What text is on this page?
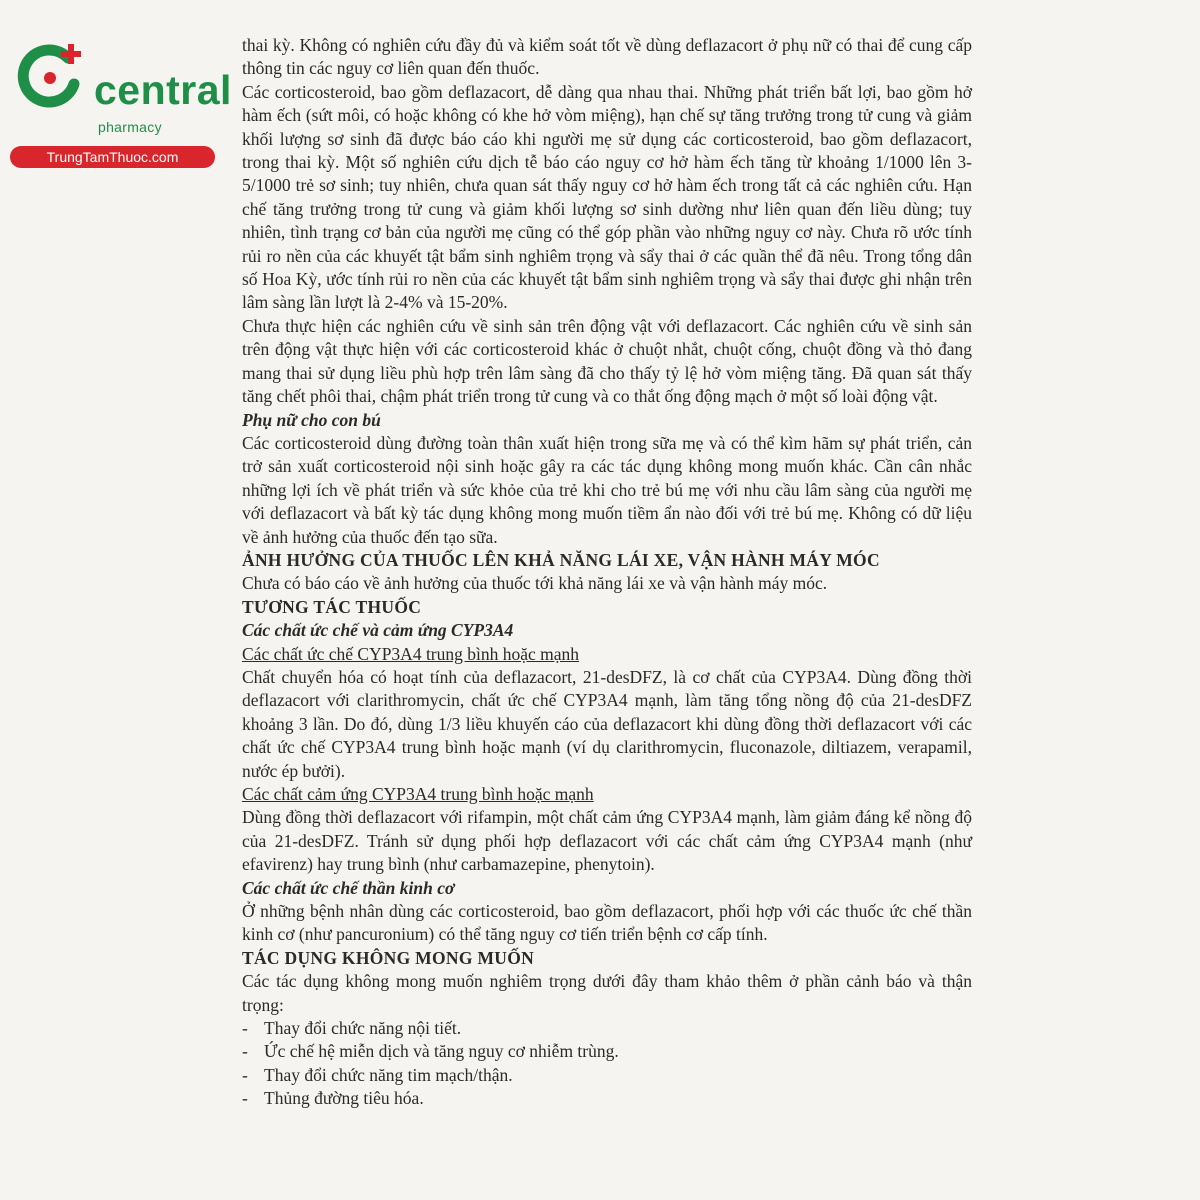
central
pharmacy
TrungTamThuoc.com

thai kỳ. Không có nghiên cứu đầy đủ và kiểm soát tốt về dùng deflazacort ở phụ nữ có thai để cung cấp thông tin các nguy cơ liên quan đến thuốc.

Các corticosteroid, bao gồm deflazacort, dễ dàng qua nhau thai. Những phát triển bất lợi, bao gồm hở hàm ếch (sứt môi, có hoặc không có khe hở vòm miệng), hạn chế sự tăng trưởng trong tử cung và giảm khối lượng sơ sinh đã được báo cáo khi người mẹ sử dụng các corticosteroid, bao gồm deflazacort, trong thai kỳ. Một số nghiên cứu dịch tễ báo cáo nguy cơ hở hàm ếch tăng từ khoảng 1/1000 lên 3-5/1000 trẻ sơ sinh; tuy nhiên, chưa quan sát thấy nguy cơ hở hàm ếch trong tất cả các nghiên cứu. Hạn chế tăng trưởng trong tử cung và giảm khối lượng sơ sinh dường như liên quan đến liều dùng; tuy nhiên, tình trạng cơ bản của người mẹ cũng có thể góp phần vào những nguy cơ này. Chưa rõ ước tính rủi ro nền của các khuyết tật bẩm sinh nghiêm trọng và sẩy thai ở các quần thể đã nêu. Trong tổng dân số Hoa Kỳ, ước tính rủi ro nền của các khuyết tật bẩm sinh nghiêm trọng và sẩy thai được ghi nhận trên lâm sàng lần lượt là 2-4% và 15-20%.

Chưa thực hiện các nghiên cứu về sinh sản trên động vật với deflazacort. Các nghiên cứu về sinh sản trên động vật thực hiện với các corticosteroid khác ở chuột nhắt, chuột cống, chuột đồng và thỏ đang mang thai sử dụng liều phù hợp trên lâm sàng đã cho thấy tỷ lệ hở vòm miệng tăng. Đã quan sát thấy tăng chết phôi thai, chậm phát triển trong tử cung và co thắt ống động mạch ở một số loài động vật.

Phụ nữ cho con bú

Các corticosteroid dùng đường toàn thân xuất hiện trong sữa mẹ và có thể kìm hãm sự phát triển, cản trở sản xuất corticosteroid nội sinh hoặc gây ra các tác dụng không mong muốn khác. Cần cân nhắc những lợi ích về phát triển và sức khỏe của trẻ khi cho trẻ bú mẹ với nhu cầu lâm sàng của người mẹ với deflazacort và bất kỳ tác dụng không mong muốn tiềm ẩn nào đối với trẻ bú mẹ. Không có dữ liệu về ảnh hưởng của thuốc đến tạo sữa.

ẢNH HƯỞNG CỦA THUỐC LÊN KHẢ NĂNG LÁI XE, VẬN HÀNH MÁY MÓC

Chưa có báo cáo về ảnh hưởng của thuốc tới khả năng lái xe và vận hành máy móc.

TƯƠNG TÁC THUỐC

Các chất ức chế và cảm ứng CYP3A4

Các chất ức chế CYP3A4 trung bình hoặc mạnh

Chất chuyển hóa có hoạt tính của deflazacort, 21-desDFZ, là cơ chất của CYP3A4. Dùng đồng thời deflazacort với clarithromycin, chất ức chế CYP3A4 mạnh, làm tăng tổng nồng độ của 21-desDFZ khoảng 3 lần. Do đó, dùng 1/3 liều khuyến cáo của deflazacort khi dùng đồng thời deflazacort với các chất ức chế CYP3A4 trung bình hoặc mạnh (ví dụ clarithromycin, fluconazole, diltiazem, verapamil, nước ép bưởi).

Các chất cảm ứng CYP3A4 trung bình hoặc mạnh

Dùng đồng thời deflazacort với rifampin, một chất cảm ứng CYP3A4 mạnh, làm giảm đáng kể nồng độ của 21-desDFZ. Tránh sử dụng phối hợp deflazacort với các chất cảm ứng CYP3A4 mạnh (như efavirenz) hay trung bình (như carbamazepine, phenytoin).

Các chất ức chế thần kinh cơ

Ở những bệnh nhân dùng các corticosteroid, bao gồm deflazacort, phối hợp với các thuốc ức chế thần kinh cơ (như pancuronium) có thể tăng nguy cơ tiến triển bệnh cơ cấp tính.

TÁC DỤNG KHÔNG MONG MUỐN

Các tác dụng không mong muốn nghiêm trọng dưới đây tham khảo thêm ở phần cảnh báo và thận trọng:

- Thay đổi chức năng nội tiết.
- Ức chế hệ miễn dịch và tăng nguy cơ nhiễm trùng.
- Thay đổi chức năng tim mạch/thận.
- Thủng đường tiêu hóa.
